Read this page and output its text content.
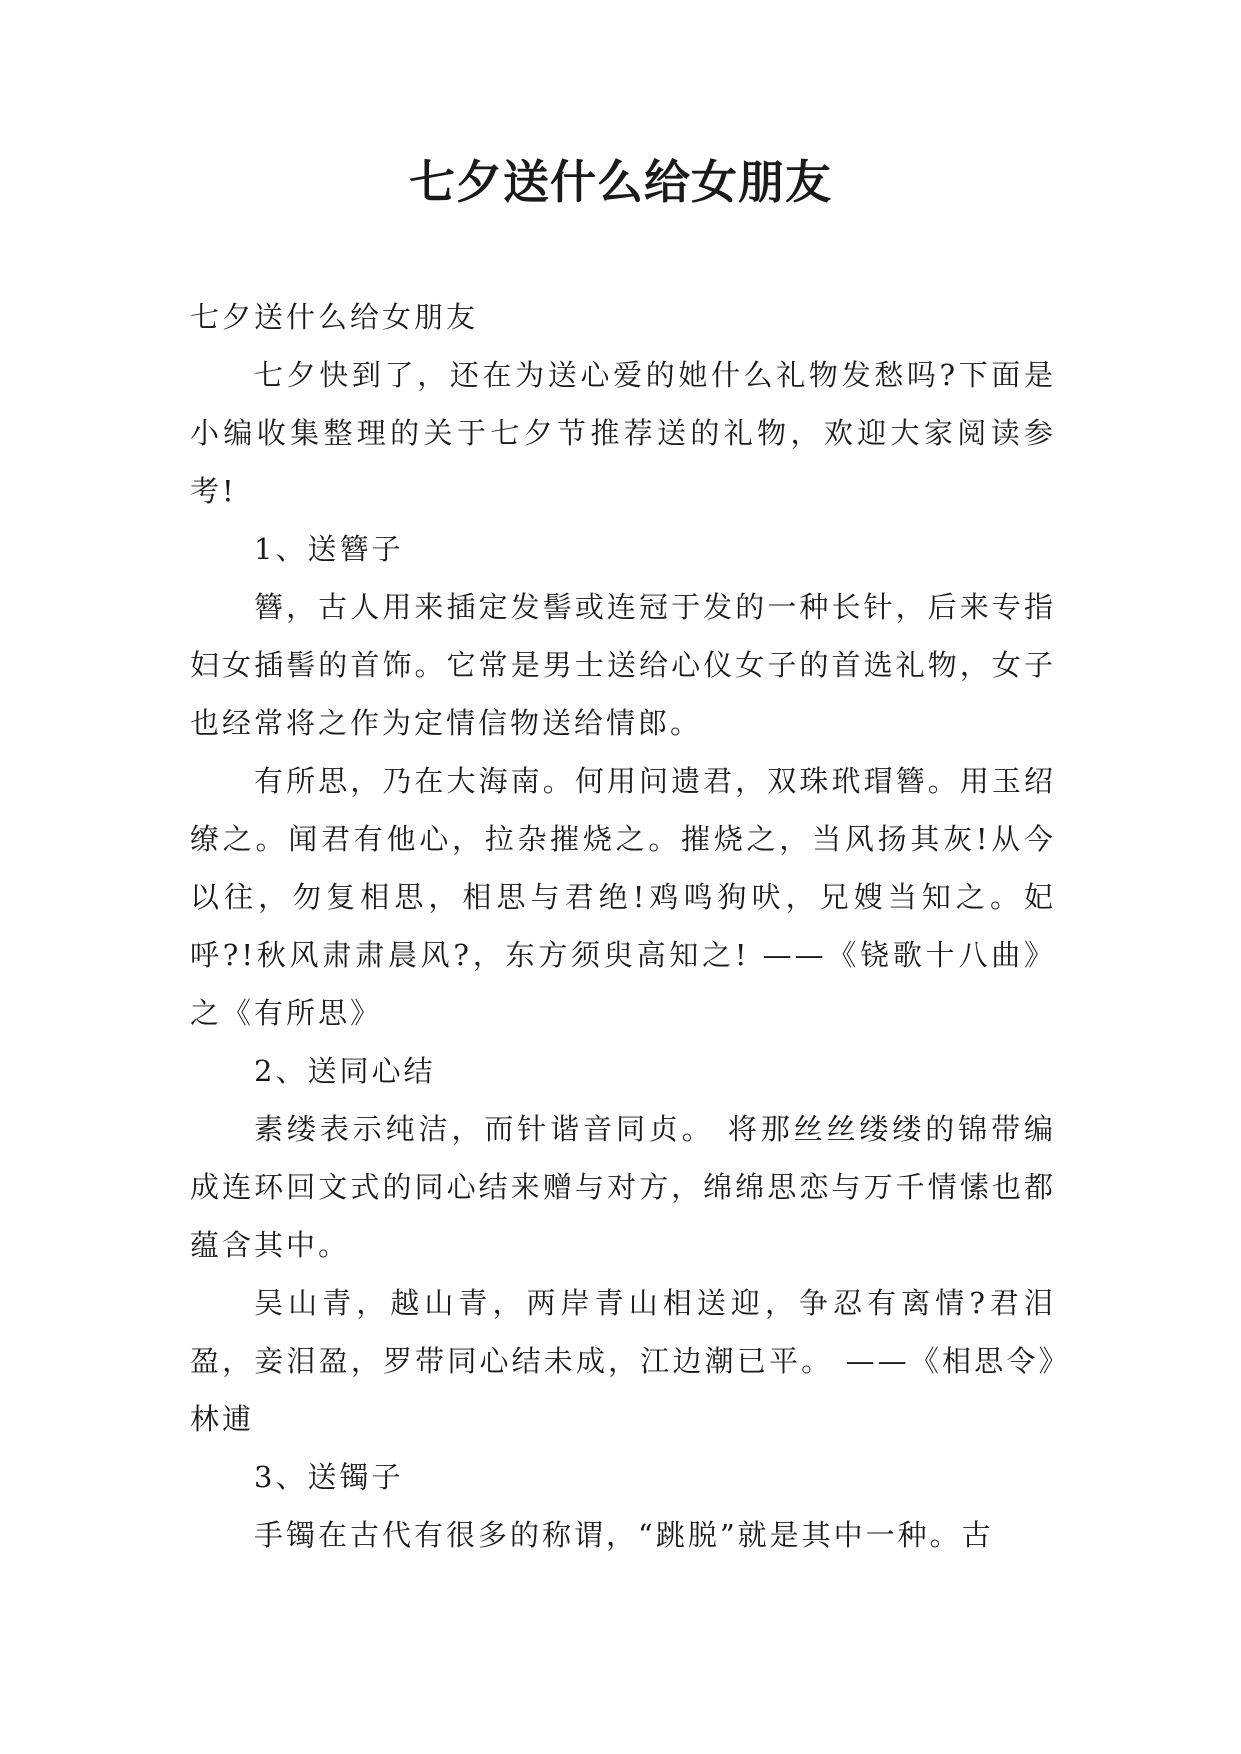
七夕送什么给女朋友

七夕送什么给女朋友

七夕快到了，还在为送心爱的她什么礼物发愁吗?下面是小编收集整理的关于七夕节推荐送的礼物，欢迎大家阅读参考!

1、送簪子

簪，古人用来插定发髻或连冠于发的一种长针，后来专指妇女插髻的首饰。它常是男士送给心仪女子的首选礼物，女子也经常将之作为定情信物送给情郎。

有所思，乃在大海南。何用问遗君，双珠玳瑁簪。用玉绍缭之。闻君有他心，拉杂摧烧之。摧烧之，当风扬其灰!从今以往，勿复相思，相思与君绝!鸡鸣狗吠，兄嫂当知之。妃呼?!秋风肃肃晨风?，东方须臾高知之! ——《铙歌十八曲》之《有所思》

2、送同心结

素缕表示纯洁，而针谐音同贞。 将那丝丝缕缕的锦带编成连环回文式的同心结来赠与对方，绵绵思恋与万千情愫也都蕴含其中。

吴山青，越山青，两岸青山相送迎，争忍有离情?君泪盈，妾泪盈，罗带同心结未成，江边潮已平。 ——《相思令》林逋

3、送镯子

手镯在古代有很多的称谓，“跳脱”就是其中一种。古
